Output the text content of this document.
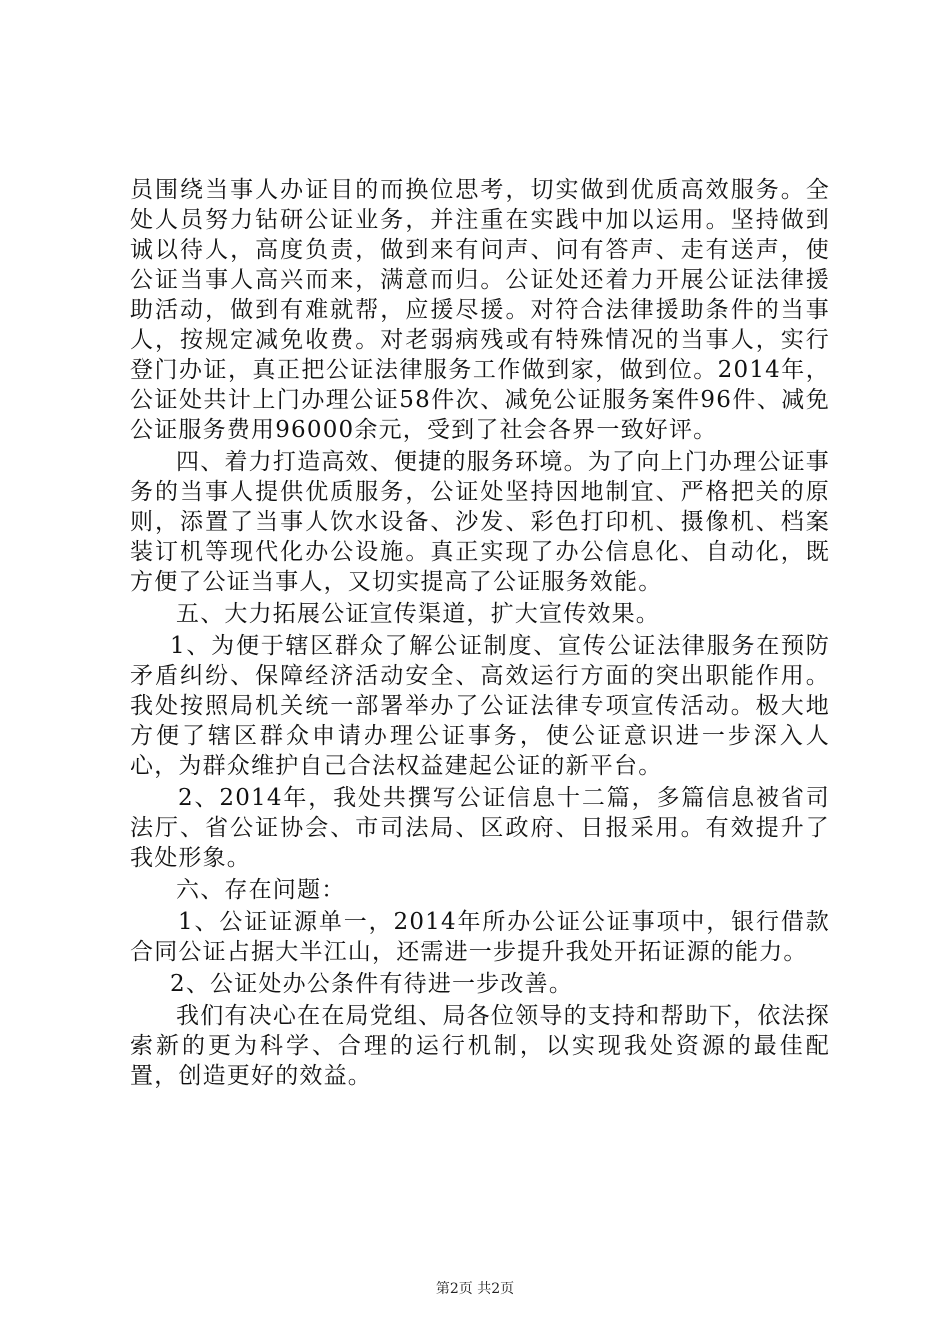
员围绕当事人办证目的而换位思考，切实做到优质高效服务。全处人员努力钻研公证业务，并注重在实践中加以运用。坚持做到诚以待人，高度负责，做到来有问声、问有答声、走有送声，使公证当事人高兴而来，满意而归。公证处还着力开展公证法律援助活动，做到有难就帮，应援尽援。对符合法律援助条件的当事人，按规定减免收费。对老弱病残或有特殊情况的当事人，实行登门办证，真正把公证法律服务工作做到家，做到位。2014年，公证处共计上门办理公证58件次、减免公证服务案件96件、减免公证服务费用96000余元，受到了社会各界一致好评。

四、着力打造高效、便捷的服务环境。为了向上门办理公证事务的当事人提供优质服务，公证处坚持因地制宜、严格把关的原则，添置了当事人饮水设备、沙发、彩色打印机、摄像机、档案装订机等现代化办公设施。真正实现了办公信息化、自动化，既方便了公证当事人，又切实提高了公证服务效能。

五、大力拓展公证宣传渠道，扩大宣传效果。

1、为便于辖区群众了解公证制度、宣传公证法律服务在预防矛盾纠纷、保障经济活动安全、高效运行方面的突出职能作用。我处按照局机关统一部署举办了公证法律专项宣传活动。极大地方便了辖区群众申请办理公证事务，使公证意识进一步深入人心，为群众维护自己合法权益建起公证的新平台。

2、2014年，我处共撰写公证信息十二篇，多篇信息被省司法厅、省公证协会、市司法局、区政府、日报采用。有效提升了我处形象。

六、存在问题：

1、公证证源单一，2014年所办公证公证事项中，银行借款合同公证占据大半江山，还需进一步提升我处开拓证源的能力。

2、公证处办公条件有待进一步改善。

我们有决心在在局党组、局各位领导的支持和帮助下，依法探索新的更为科学、合理的运行机制，以实现我处资源的最佳配置，创造更好的效益。

第2页 共2页
